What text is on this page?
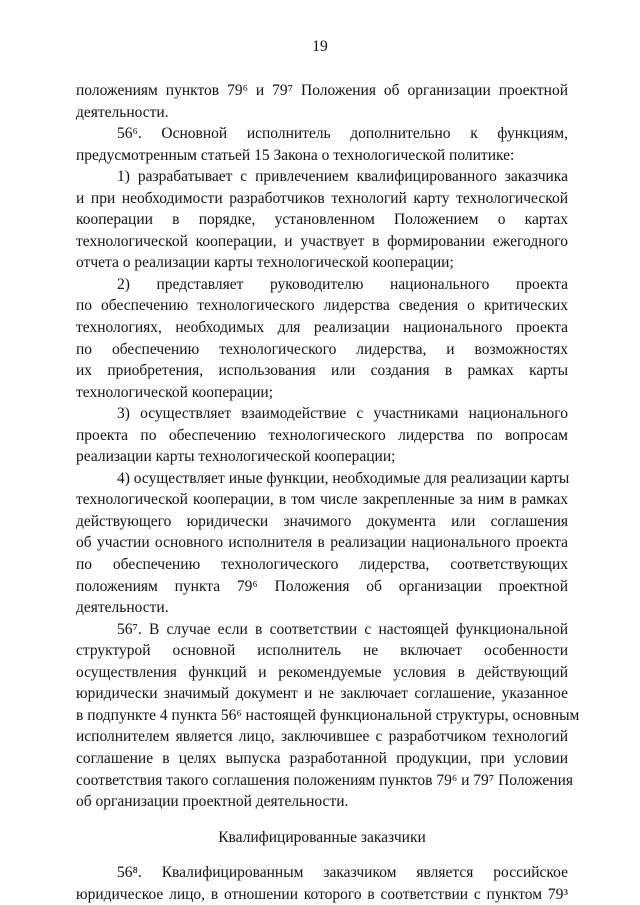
19
положениям пунктов 79⁶ и 79⁷ Положения об организации проектной
деятельности.
56⁶. Основной исполнитель дополнительно к функциям,
предусмотренным статьей 15 Закона о технологической политике:
1) разрабатывает с привлечением квалифицированного заказчика
и при необходимости разработчиков технологий карту технологической
кооперации в порядке, установленном Положением о картах
технологической кооперации, и участвует в формировании ежегодного
отчета о реализации карты технологической кооперации;
2) представляет руководителю национального проекта
по обеспечению технологического лидерства сведения о критических
технологиях, необходимых для реализации национального проекта
по обеспечению технологического лидерства, и возможностях
их приобретения, использования или создания в рамках карты
технологической кооперации;
3) осуществляет взаимодействие с участниками национального
проекта по обеспечению технологического лидерства по вопросам
реализации карты технологической кооперации;
4) осуществляет иные функции, необходимые для реализации карты
технологической кооперации, в том числе закрепленные за ним в рамках
действующего юридически значимого документа или соглашения
об участии основного исполнителя в реализации национального проекта
по обеспечению технологического лидерства, соответствующих
положениям пункта 79⁶ Положения об организации проектной
деятельности.
56⁷. В случае если в соответствии с настоящей функциональной
структурой основной исполнитель не включает особенности
осуществления функций и рекомендуемые условия в действующий
юридически значимый документ и не заключает соглашение, указанное
в подпункте 4 пункта 56⁶ настоящей функциональной структуры, основным
исполнителем является лицо, заключившее с разработчиком технологий
соглашение в целях выпуска разработанной продукции, при условии
соответствия такого соглашения положениям пунктов 79⁶ и 79⁷ Положения
об организации проектной деятельности.
Квалифицированные заказчики
56⁸. Квалифицированным заказчиком является российское
юридическое лицо, в отношении которого в соответствии с пунктом 79³
